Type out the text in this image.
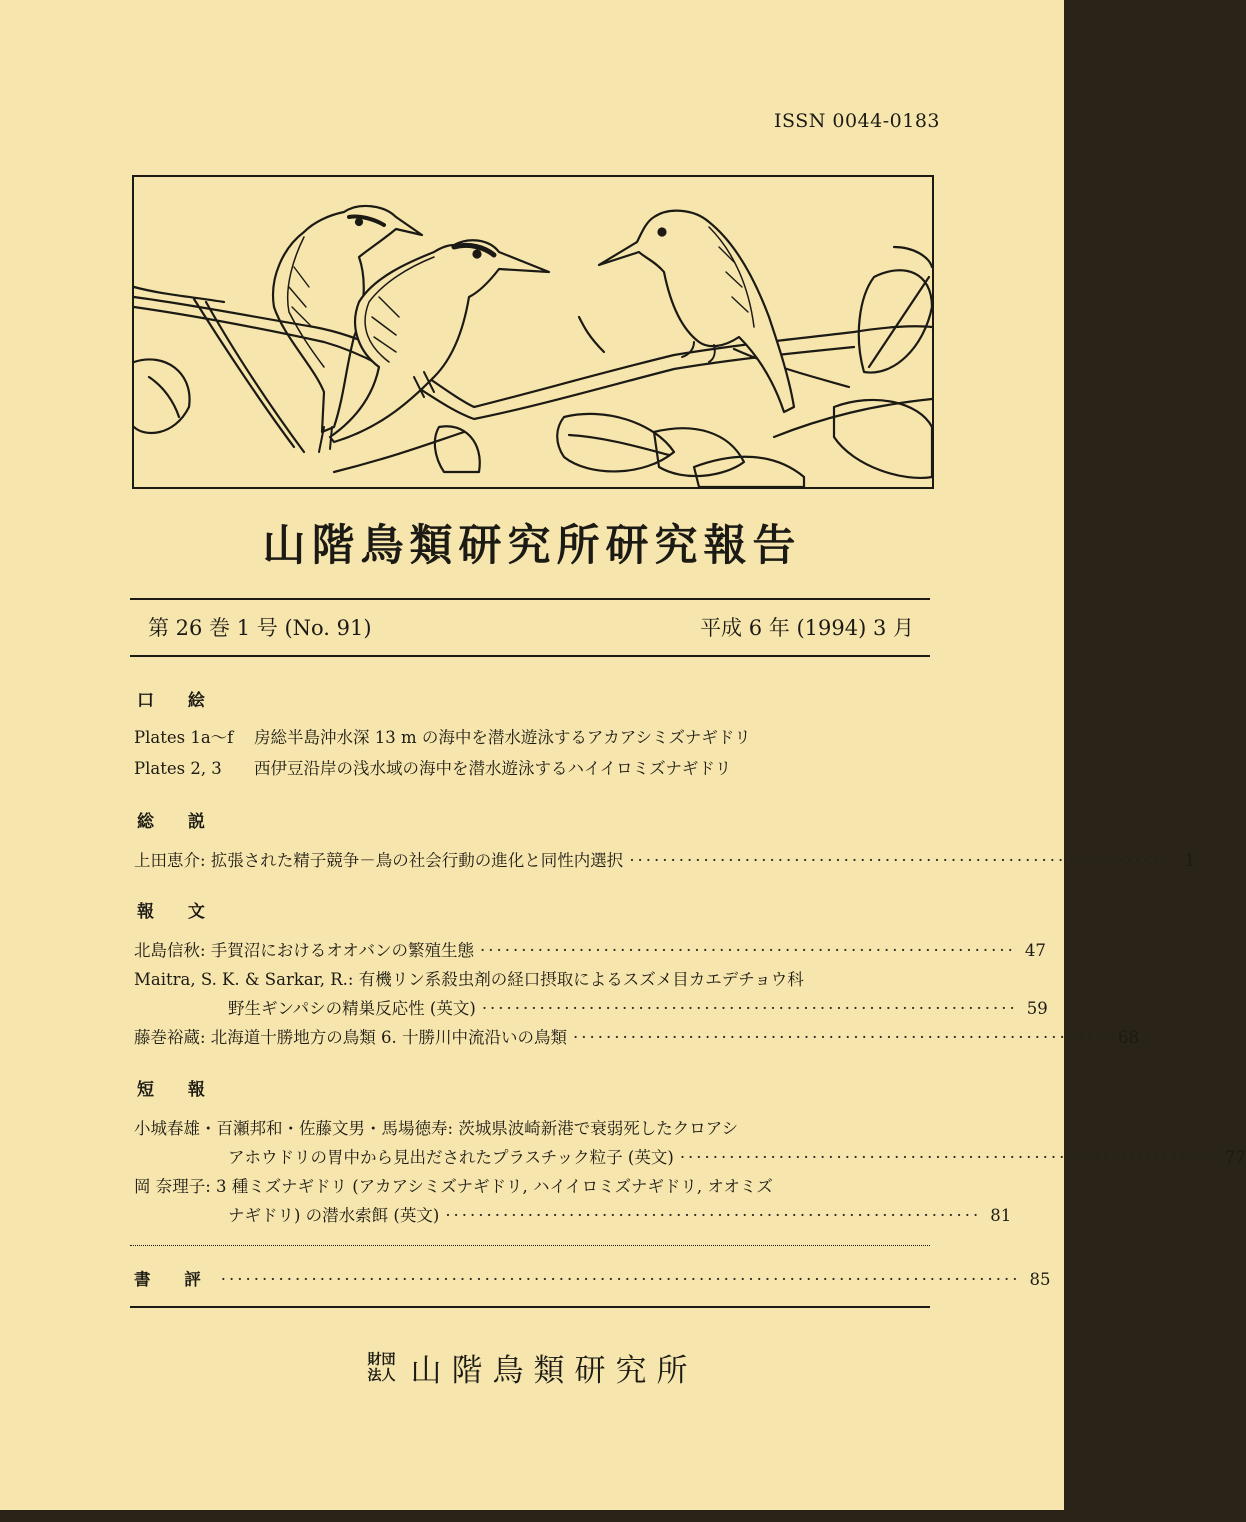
ISSN 0044-0183
山階鳥類研究所研究報告
第 26 巻 1 号 (No. 91)	平成 6 年 (1994) 3 月
口 絵
Plates 1a〜f 房総半島沖水深 13 m の海中を潜水遊泳するアカアシミズナギドリ
Plates 2, 3 西伊豆沿岸の浅水域の海中を潜水遊泳するハイイロミズナギドリ
総 説
上田恵介: 拡張された精子競争－鳥の社会行動の進化と同性内選択 ·································································	1
報 文
北島信秋: 手賀沼におけるオオバンの繁殖生態 ································································· 47
Maitra, S. K. & Sarkar, R.: 有機リン系殺虫剤の経口摂取によるスズメ目カエデチョウ科
野生ギンパシの精巣反応性 (英文) ································································· 59
藤巻裕蔵: 北海道十勝地方の鳥類 6. 十勝川中流沿いの鳥類 ································································· 68
短 報
小城春雄・百瀬邦和・佐藤文男・馬場徳寿: 茨城県波崎新港で衰弱死したクロアシ
アホウドリの胃中から見出だされたプラスチック粒子 (英文) ································································· 77
岡 奈理子: 3 種ミズナギドリ (アカアシミズナギドリ, ハイイロミズナギドリ, オオミズ
ナギドリ) の潜水索餌 (英文) ································································· 81
書 評 ································································································· 85
財団
法人 山階鳥類研究所
